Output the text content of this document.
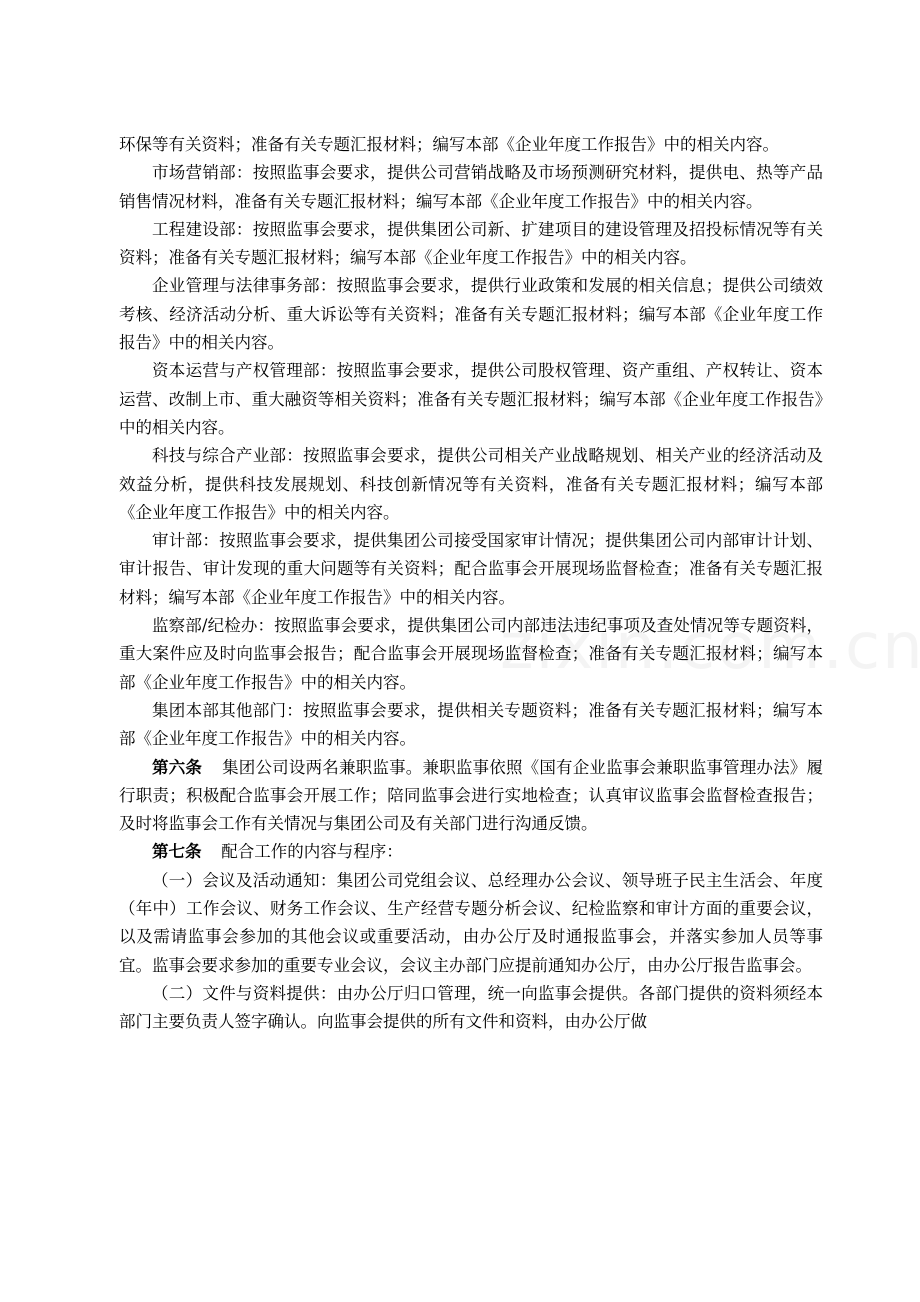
环保等有关资料；准备有关专题汇报材料；编写本部《企业年度工作报告》中的相关内容。

市场营销部：按照监事会要求，提供公司营销战略及市场预测研究材料，提供电、热等产品销售情况材料，准备有关专题汇报材料；编写本部《企业年度工作报告》中的相关内容。

工程建设部：按照监事会要求，提供集团公司新、扩建项目的建设管理及招投标情况等有关资料；准备有关专题汇报材料；编写本部《企业年度工作报告》中的相关内容。

企业管理与法律事务部：按照监事会要求，提供行业政策和发展的相关信息；提供公司绩效考核、经济活动分析、重大诉讼等有关资料；准备有关专题汇报材料；编写本部《企业年度工作报告》中的相关内容。

资本运营与产权管理部：按照监事会要求，提供公司股权管理、资产重组、产权转让、资本运营、改制上市、重大融资等相关资料；准备有关专题汇报材料；编写本部《企业年度工作报告》中的相关内容。

科技与综合产业部：按照监事会要求，提供公司相关产业战略规划、相关产业的经济活动及效益分析，提供科技发展规划、科技创新情况等有关资料，准备有关专题汇报材料；编写本部《企业年度工作报告》中的相关内容。

审计部：按照监事会要求，提供集团公司接受国家审计情况；提供集团公司内部审计计划、审计报告、审计发现的重大问题等有关资料；配合监事会开展现场监督检查；准备有关专题汇报材料；编写本部《企业年度工作报告》中的相关内容。

监察部/纪检办：按照监事会要求，提供集团公司内部违法违纪事项及查处情况等专题资料，重大案件应及时向监事会报告；配合监事会开展现场监督检查；准备有关专题汇报材料；编写本部《企业年度工作报告》中的相关内容。

集团本部其他部门：按照监事会要求，提供相关专题资料；准备有关专题汇报材料；编写本部《企业年度工作报告》中的相关内容。

第六条 集团公司设两名兼职监事。兼职监事依照《国有企业监事会兼职监事管理办法》履行职责；积极配合监事会开展工作；陪同监事会进行实地检查；认真审议监事会监督检查报告；及时将监事会工作有关情况与集团公司及有关部门进行沟通反馈。

第七条 配合工作的内容与程序：

（一）会议及活动通知：集团公司党组会议、总经理办公会议、领导班子民主生活会、年度（年中）工作会议、财务工作会议、生产经营专题分析会议、纪检监察和审计方面的重要会议，以及需请监事会参加的其他会议或重要活动，由办公厅及时通报监事会，并落实参加人员等事宜。监事会要求参加的重要专业会议，会议主办部门应提前通知办公厅，由办公厅报告监事会。

（二）文件与资料提供：由办公厅归口管理，统一向监事会提供。各部门提供的资料须经本部门主要负责人签字确认。向监事会提供的所有文件和资料，由办公厅做
